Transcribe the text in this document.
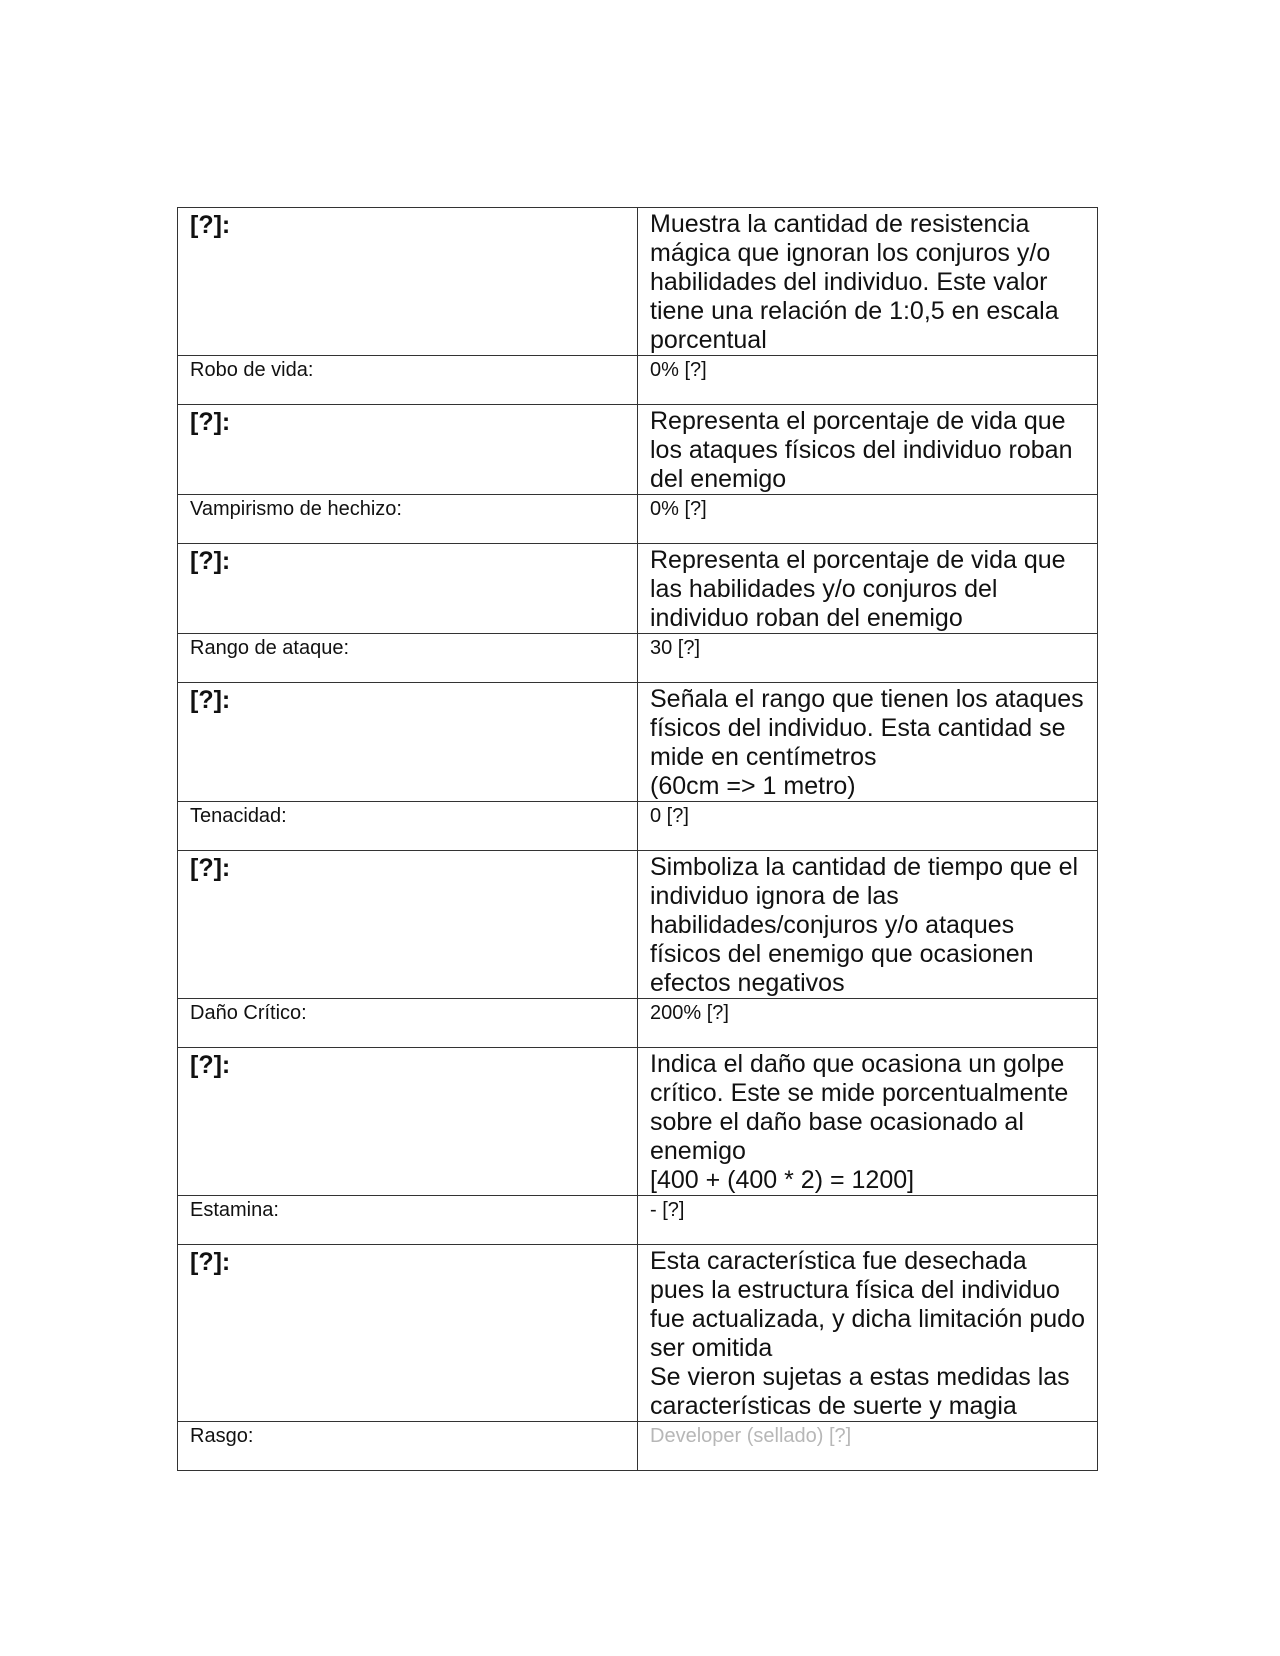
[?]:	Muestra la cantidad de resistencia mágica que ignoran los conjuros y/o habilidades del individuo. Este valor tiene una relación de 1:0,5 en escala porcentual
Robo de vida:	0% [?]
[?]:	Representa el porcentaje de vida que los ataques físicos del individuo roban del enemigo
Vampirismo de hechizo:	0% [?]
[?]:	Representa el porcentaje de vida que las habilidades y/o conjuros del individuo roban del enemigo
Rango de ataque:	30 [?]
[?]:	Señala el rango que tienen los ataques físicos del individuo. Esta cantidad se mide en centímetros
(60cm => 1 metro)
Tenacidad:	0 [?]
[?]:	Simboliza la cantidad de tiempo que el individuo ignora de las habilidades/conjuros y/o ataques físicos del enemigo que ocasionen efectos negativos
Daño Crítico:	200% [?]
[?]:	Indica el daño que ocasiona un golpe crítico. Este se mide porcentualmente sobre el daño base ocasionado al enemigo
[400 + (400 * 2) = 1200]
Estamina:	- [?]
[?]:	Esta característica fue desechada pues la estructura física del individuo fue actualizada, y dicha limitación pudo ser omitida
Se vieron sujetas a estas medidas las características de suerte y magia
Rasgo:	Developer (sellado) [?]
